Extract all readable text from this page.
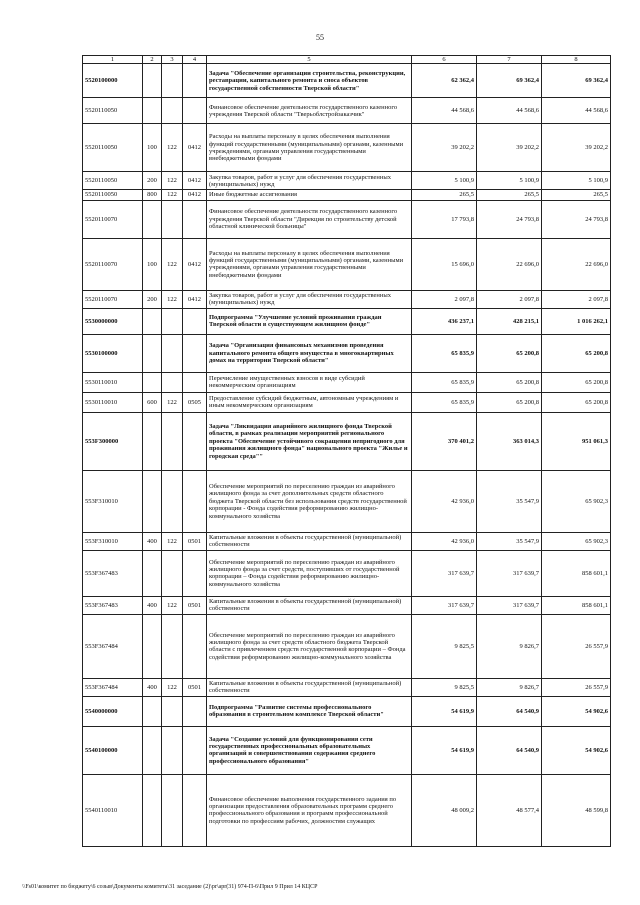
55
1	2	3	4	5	6	7	8
5520100000				Задача "Обеспечение организации строительства, реконструкции, реставрации, капитального ремонта и сноса объектов государственной собственности Тверской области"	62 362,4	69 362,4	69 362,4
5520110050				Финансовое обеспечение деятельности государственного казенного учреждения Тверской области "Тверьоблстройзаказчик"	44 568,6	44 568,6	44 568,6
5520110050	100	122	0412	Расходы на выплаты персоналу в целях обеспечения выполнения функций государственными (муниципальными) органами, казенными учреждениями, органами управления государственными внебюджетными фондами	39 202,2	39 202,2	39 202,2
5520110050	200	122	0412	Закупка товаров, работ и услуг для обеспечения государственных (муниципальных) нужд	5 100,9	5 100,9	5 100,9
5520110050	800	122	0412	Иные бюджетные ассигнования	265,5	265,5	265,5
5520110070				Финансовое обеспечение деятельности государственного казенного учреждения Тверской области "Дирекция по строительству детской областной клинической больницы"	17 793,8	24 793,8	24 793,8
5520110070	100	122	0412	Расходы на выплаты персоналу в целях обеспечения выполнения функций государственными (муниципальными) органами, казенными учреждениями, органами управления государственными внебюджетными фондами	15 696,0	22 696,0	22 696,0
5520110070	200	122	0412	Закупка товаров, работ и услуг для обеспечения государственных (муниципальных) нужд	2 097,8	2 097,8	2 097,8
5530000000				Подпрограмма "Улучшение условий проживания граждан Тверской области в существующем жилищном фонде"	436 237,1	428 215,1	1 016 262,1
5530100000				Задача "Организация финансовых механизмов проведения капитального ремонта общего имущества в многоквартирных домах на территории Тверской области"	65 835,9	65 200,8	65 200,8
5530110010				Перечисление имущественных взносов в виде субсидий некоммерческим организациям	65 835,9	65 200,8	65 200,8
5530110010	600	122	0505	Предоставление субсидий бюджетным, автономным учреждениям и иным некоммерческим организациям	65 835,9	65 200,8	65 200,8
553F300000				Задача "Ликвидация аварийного жилищного фонда Тверской области, в рамках реализации мероприятий регионального проекта "Обеспечение устойчивого сокращения непригодного для проживания жилищного фонда" национального проекта "Жилье и городская среда""	370 401,2	363 014,3	951 061,3
553F310010				Обеспечение мероприятий по переселению граждан из аварийного жилищного фонда за счет дополнительных средств областного бюджета Тверской области без использования средств государственной корпорации - Фонда содействия реформированию жилищно-коммунального хозяйства	42 936,0	35 547,9	65 902,3
553F310010	400	122	0501	Капитальные вложения в объекты государственной (муниципальной) собственности	42 936,0	35 547,9	65 902,3
553F367483				Обеспечение мероприятий по переселению граждан из аварийного жилищного фонда за счет средств, поступивших от государственной корпорации – Фонда содействия реформированию жилищно-коммунального хозяйства	317 639,7	317 639,7	858 601,1
553F367483	400	122	0501	Капитальные вложения в объекты государственной (муниципальной) собственности	317 639,7	317 639,7	858 601,1
553F367484				Обеспечение мероприятий по переселению граждан из аварийного жилищного фонда за счет средств областного бюджета Тверской области с привлечением средств государственной корпорации – Фонда содействия реформированию жилищно-коммунального хозяйства	9 825,5	9 826,7	26 557,9
553F367484	400	122	0501	Капитальные вложения в объекты государственной (муниципальной) собственности	9 825,5	9 826,7	26 557,9
5540000000				Подпрограмма "Развитие системы профессионального образования в строительном комплексе Тверской области"	54 619,9	64 540,9	54 902,6
5540100000				Задача "Создание условий для функционирования сети государственных профессиональных образовательных организаций и совершенствования содержания среднего профессионального образования"	54 619,9	64 540,9	54 902,6
5540110010				Финансовое обеспечение выполнения государственного задания по организации предоставления образовательных программ среднего профессионального образования и программ профессиональной подготовки по профессиям рабочих, должностям служащих	48 009,2	48 577,4	48 599,8
\\Fs01\комитет по бюджету\6 созыв\Документы комитета\31 заседание (2)\pr\apr(31) 974-П-6\Прил 9 Прил 14 КЦСР
